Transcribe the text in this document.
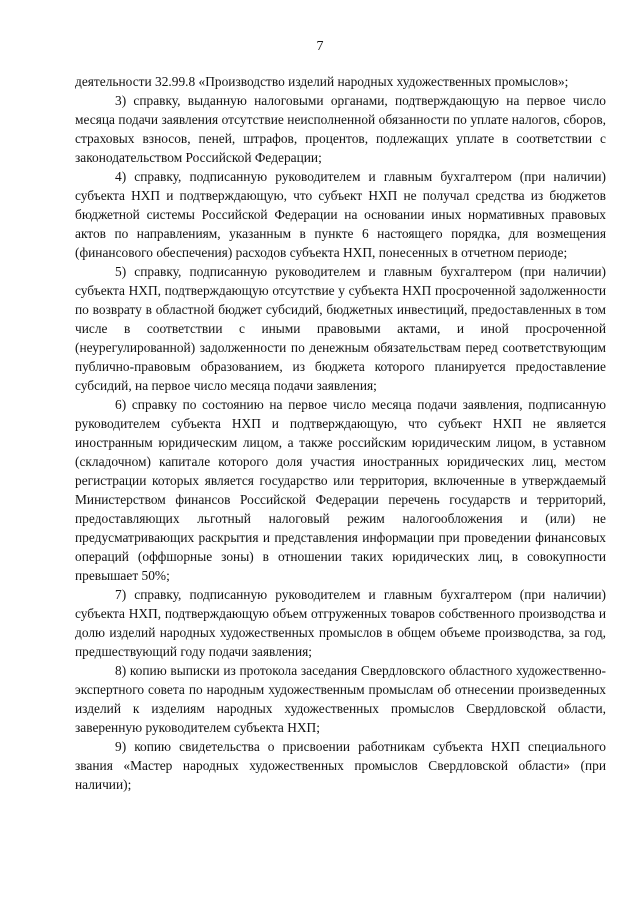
7

деятельности 32.99.8 «Производство изделий народных художественных промыслов»;

3) справку, выданную налоговыми органами, подтверждающую на первое число месяца подачи заявления отсутствие неисполненной обязанности по уплате налогов, сборов, страховых взносов, пеней, штрафов, процентов, подлежащих уплате в соответствии с законодательством Российской Федерации;

4) справку, подписанную руководителем и главным бухгалтером (при наличии) субъекта НХП и подтверждающую, что субъект НХП не получал средства из бюджетов бюджетной системы Российской Федерации на основании иных нормативных правовых актов по направлениям, указанным в пункте 6 настоящего порядка, для возмещения (финансового обеспечения) расходов субъекта НХП, понесенных в отчетном периоде;

5) справку, подписанную руководителем и главным бухгалтером (при наличии) субъекта НХП, подтверждающую отсутствие у субъекта НХП просроченной задолженности по возврату в областной бюджет субсидий, бюджетных инвестиций, предоставленных в том числе в соответствии с иными правовыми актами, и иной просроченной (неурегулированной) задолженности по денежным обязательствам перед соответствующим публично-правовым образованием, из бюджета которого планируется предоставление субсидий, на первое число месяца подачи заявления;

6) справку по состоянию на первое число месяца подачи заявления, подписанную руководителем субъекта НХП и подтверждающую, что субъект НХП не является иностранным юридическим лицом, а также российским юридическим лицом, в уставном (складочном) капитале которого доля участия иностранных юридических лиц, местом регистрации которых является государство или территория, включенные в утверждаемый Министерством финансов Российской Федерации перечень государств и территорий, предоставляющих льготный налоговый режим налогообложения и (или) не предусматривающих раскрытия и представления информации при проведении финансовых операций (оффшорные зоны) в отношении таких юридических лиц, в совокупности превышает 50%;

7) справку, подписанную руководителем и главным бухгалтером (при наличии) субъекта НХП, подтверждающую объем отгруженных товаров собственного производства и долю изделий народных художественных промыслов в общем объеме производства, за год, предшествующий году подачи заявления;

8) копию выписки из протокола заседания Свердловского областного художественно-экспертного совета по народным художественным промыслам об отнесении произведенных изделий к изделиям народных художественных промыслов Свердловской области, заверенную руководителем субъекта НХП;

9) копию свидетельства о присвоении работникам субъекта НХП специального звания «Мастер народных художественных промыслов Свердловской области» (при наличии);
